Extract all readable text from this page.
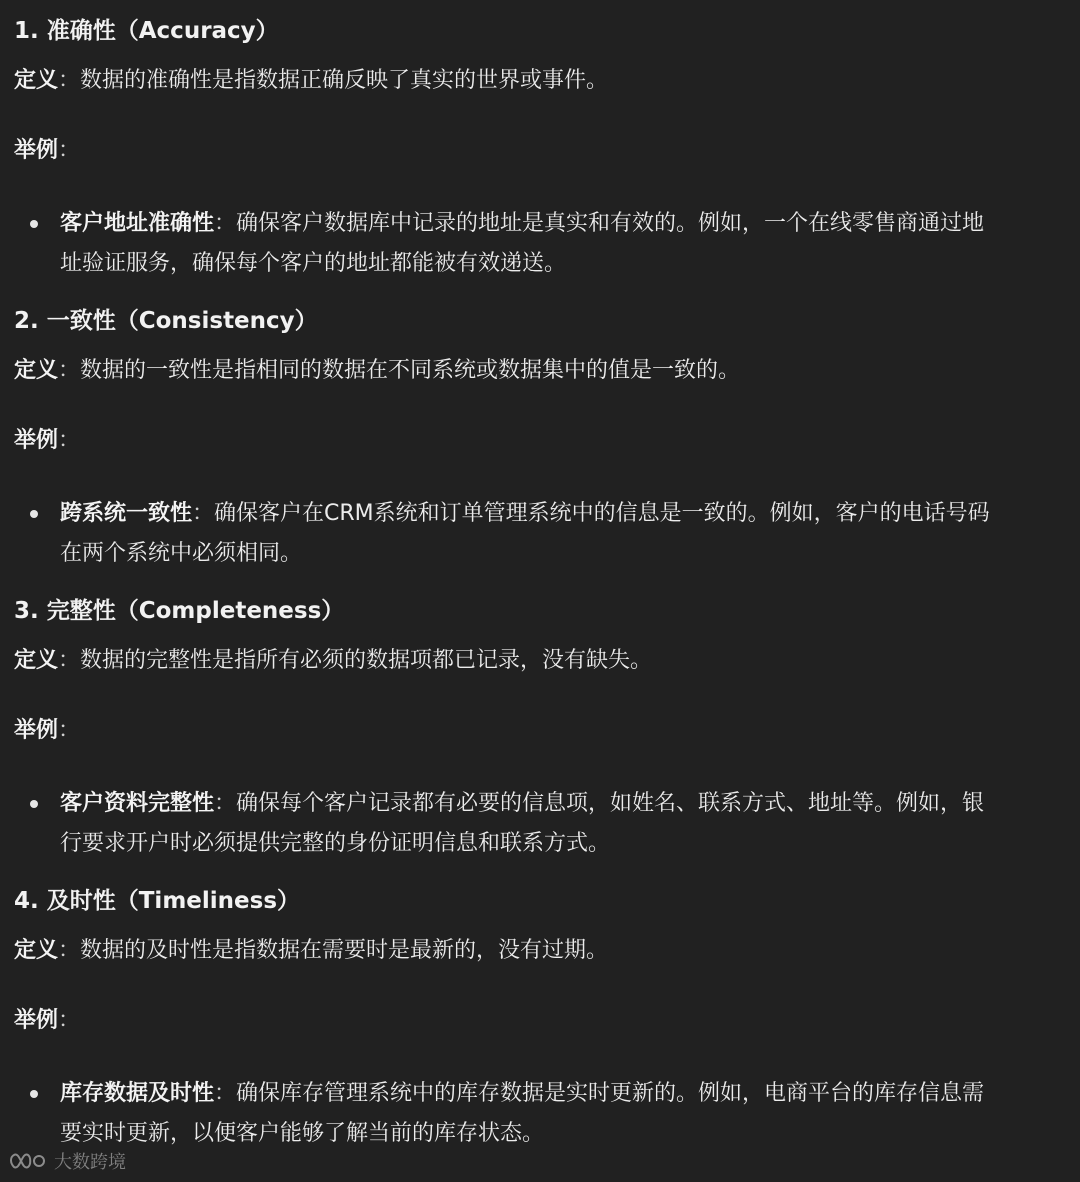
1. 准确性（Accuracy）
定义：数据的准确性是指数据正确反映了真实的世界或事件。
举例：
客户地址准确性：确保客户数据库中记录的地址是真实和有效的。例如，一个在线零售商通过地
址验证服务，确保每个客户的地址都能被有效递送。
2. 一致性（Consistency）
定义：数据的一致性是指相同的数据在不同系统或数据集中的值是一致的。
举例：
跨系统一致性：确保客户在CRM系统和订单管理系统中的信息是一致的。例如，客户的电话号码
在两个系统中必须相同。
3. 完整性（Completeness）
定义：数据的完整性是指所有必须的数据项都已记录，没有缺失。
举例：
客户资料完整性：确保每个客户记录都有必要的信息项，如姓名、联系方式、地址等。例如，银
行要求开户时必须提供完整的身份证明信息和联系方式。
4. 及时性（Timeliness）
定义：数据的及时性是指数据在需要时是最新的，没有过期。
举例：
库存数据及时性：确保库存管理系统中的库存数据是实时更新的。例如，电商平台的库存信息需
要实时更新，以便客户能够了解当前的库存状态。
大数跨境
